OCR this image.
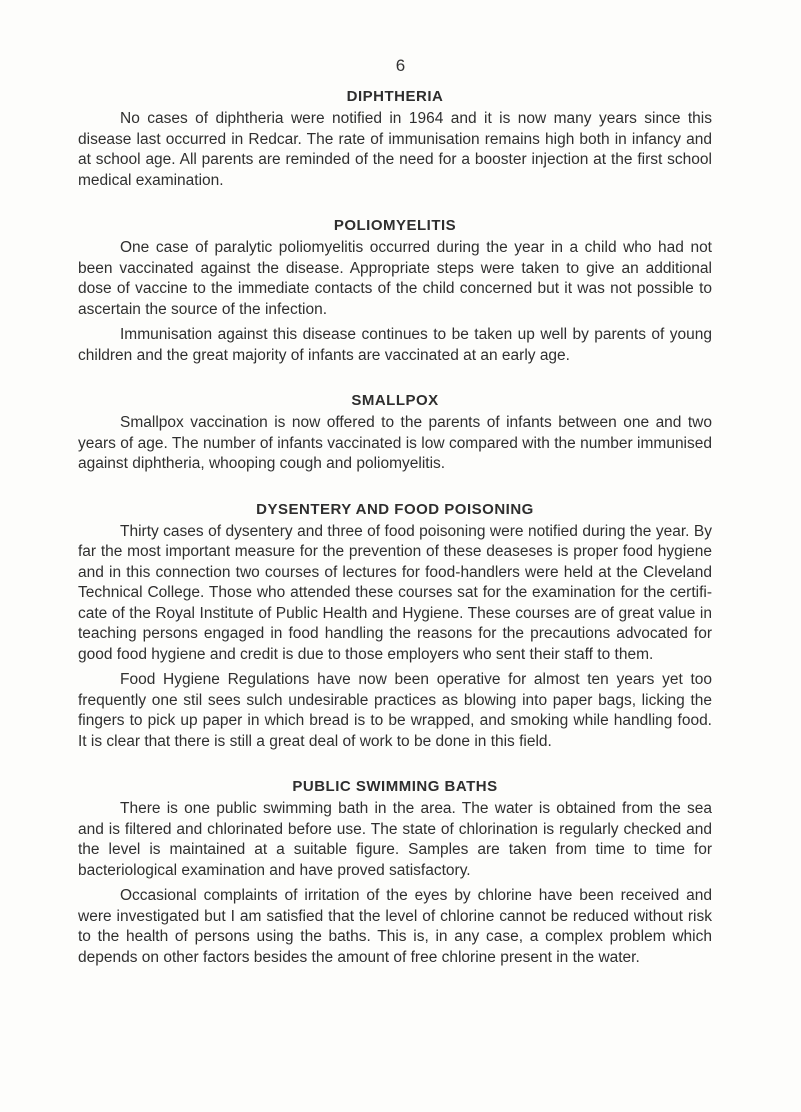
6
DIPHTHERIA

No cases of diphtheria were notified in 1964 and it is now many years since this disease last occurred in Redcar. The rate of immunisation remains high both in infancy and at school age. All parents are reminded of the need for a booster injection at the first school medical examination.

POLIOMYELITIS

One case of paralytic poliomyelitis occurred during the year in a child who had not been vaccinated against the disease. Appropriate steps were taken to give an additional dose of vaccine to the immediate contacts of the child concerned but it was not possible to ascertain the source of the infection.

Immunisation against this disease continues to be taken up well by parents of young children and the great majority of infants are vaccinated at an early age.

SMALLPOX

Smallpox vaccination is now offered to the parents of infants between one and two years of age. The number of infants vaccinated is low compared with the number immunised against diphtheria, whooping cough and poliomyelitis.

DYSENTERY AND FOOD POISONING

Thirty cases of dysentery and three of food poisoning were notified during the year. By far the most important measure for the prevention of these deaseses is proper food hygiene and in this connection two courses of lectures for food-handlers were held at the Cleveland Technical College. Those who attended these courses sat for the examination for the certifi- cate of the Royal Institute of Public Health and Hygiene. These courses are of great value in teaching persons engaged in food handling the reasons for the precautions advocated for good food hygiene and credit is due to those employers who sent their staff to them.

Food Hygiene Regulations have now been operative for almost ten years yet too frequently one stil sees sulch undesirable practices as blowing into paper bags, licking the fingers to pick up paper in which bread is to be wrapped, and smoking while handling food. It is clear that there is still a great deal of work to be done in this field.

PUBLIC SWIMMING BATHS

There is one public swimming bath in the area. The water is obtained from the sea and is filtered and chlorinated before use. The state of chlorination is regularly checked and the level is maintained at a suitable figure. Samples are taken from time to time for bacteriological examination and have proved satisfactory.

Occasional complaints of irritation of the eyes by chlorine have been received and were investigated but I am satisfied that the level of chlorine cannot be reduced without risk to the health of persons using the baths. This is, in any case, a complex problem which depends on other factors besides the amount of free chlorine present in the water.
